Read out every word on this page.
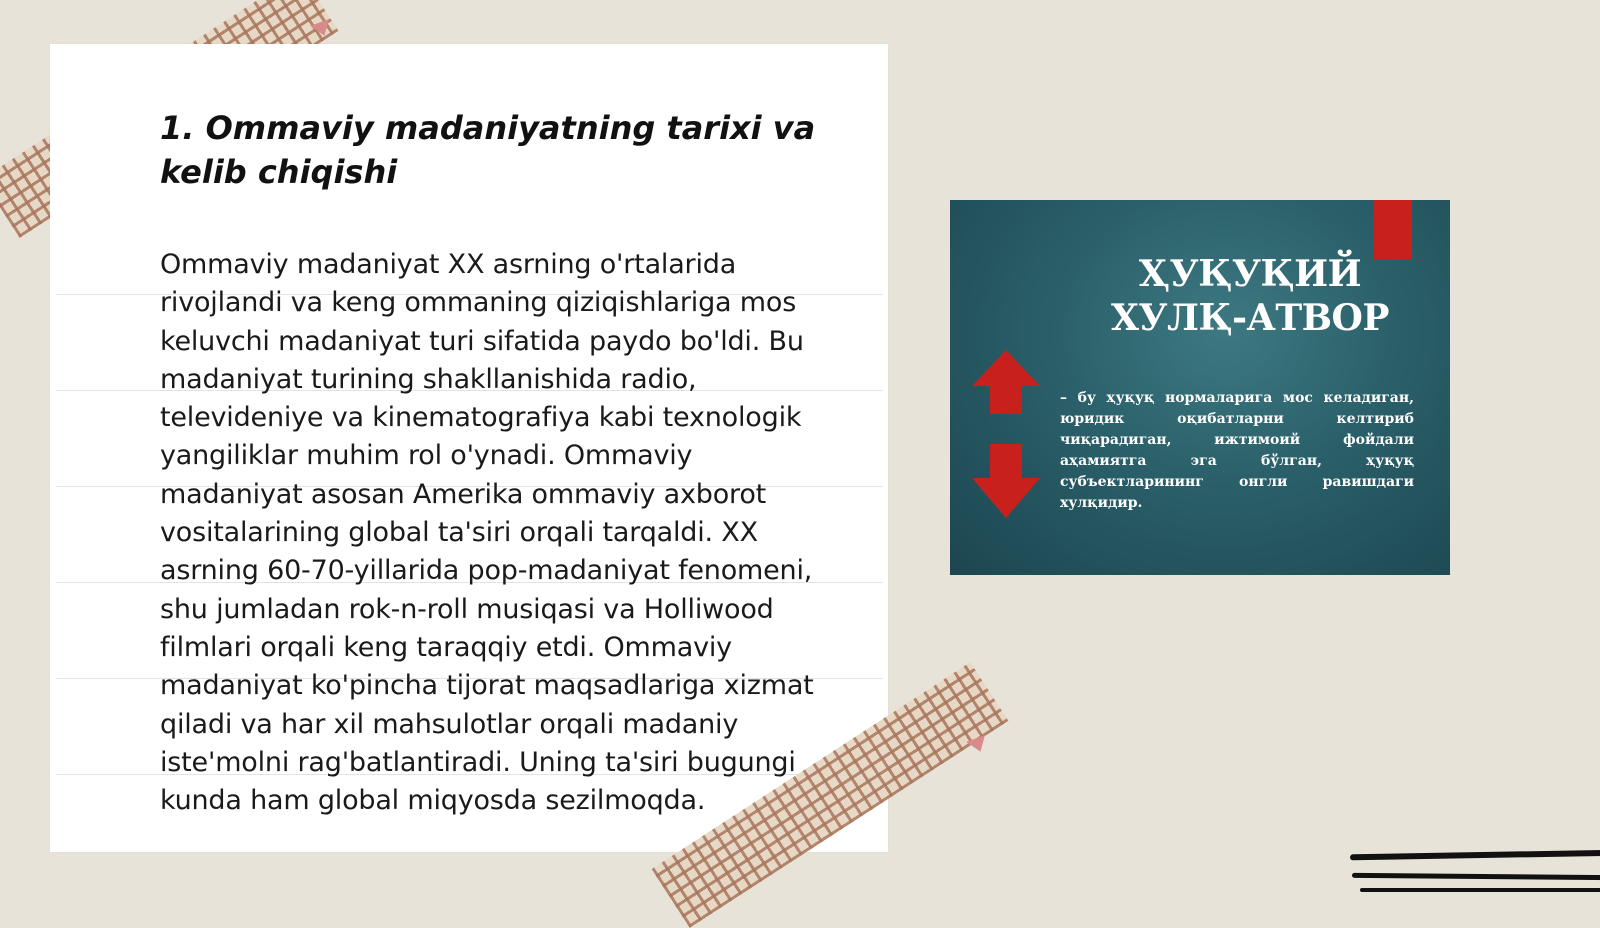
1. Ommaviy madaniyatning tarixi va kelib chiqishi

Ommaviy madaniyat XX asrning o'rtalarida rivojlandi va keng ommaning qiziqishlariga mos keluvchi madaniyat turi sifatida paydo bo'ldi. Bu madaniyat turining shakllanishida radio, televideniye va kinematografiya kabi texnologik yangiliklar muhim rol o'ynadi. Ommaviy madaniyat asosan Amerika ommaviy axborot vositalarining global ta'siri orqali tarqaldi. XX asrning 60-70-yillarida pop-madaniyat fenomeni, shu jumladan rok-n-roll musiqasi va Holliwood filmlari orqali keng taraqqiy etdi. Ommaviy madaniyat ko'pincha tijorat maqsadlariga xizmat qiladi va har xil mahsulotlar orqali madaniy iste'molni rag'batlantiradi. Uning ta'siri bugungi kunda ham global miqyosda sezilmoqda.

ҲУҚУҚИЙ ХУЛҚ-АТВОР

– бу ҳуқуқ нормаларига мос келадиган, юридик оқибатларни келтириб чиқарадиган, ижтимоий фойдали аҳамиятга эга бўлган, ҳуқуқ субъектларининг онгли равишдаги хулқидир.
